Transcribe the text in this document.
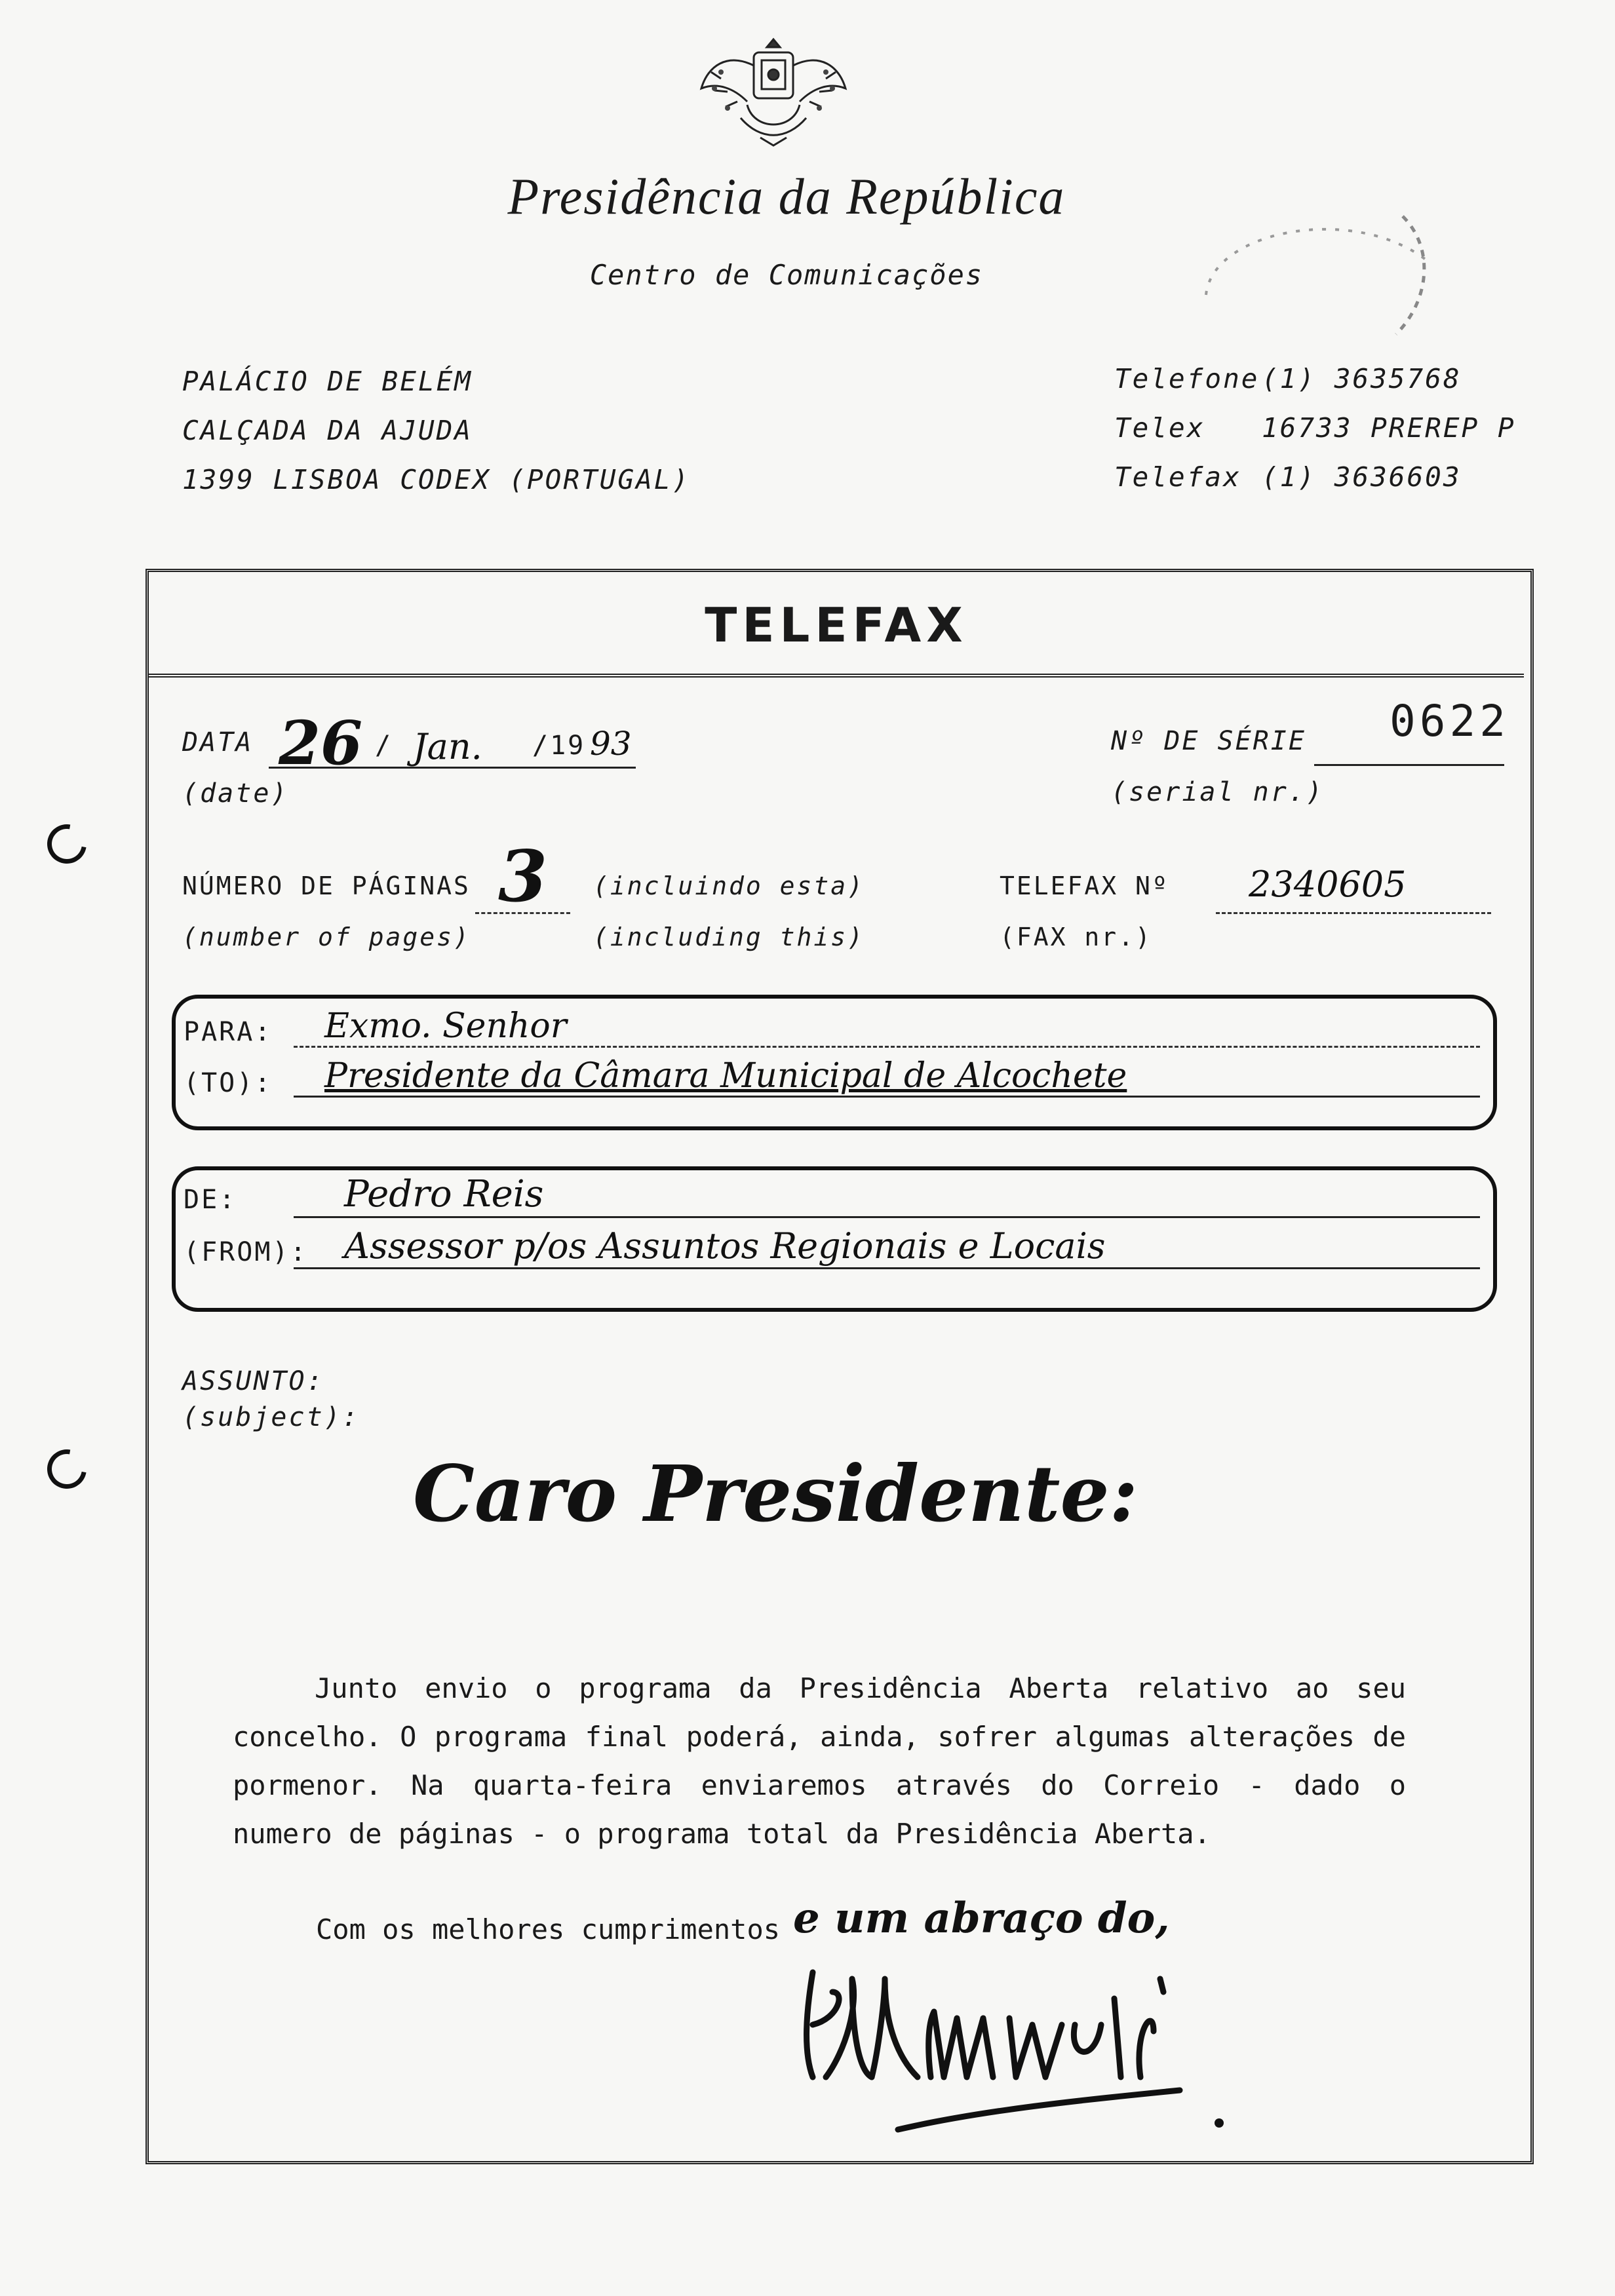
Presidência da República
Centro de Comunicações
PALÁCIO DE BELÉM
CALÇADA DA AJUDA
1399 LISBOA CODEX (PORTUGAL)
Telefone (1) 3635768
Telex 16733 PREREP P
Telefax (1) 3636603
TELEFAX
DATA
(date)
26 / Jan. /19 93	Nº DE SÉRIE
(serial nr.)
0622
NÚMERO DE PÁGINAS
(number of pages)
3 (incluindo esta)
(including this)
TELEFAX Nº
(FAX nr.)
2340605
PARA:
(TO):
Exmo. Senhor
Presidente da Câmara Municipal de Alcochete
DE:
(FROM):
Pedro Reis
Assessor p/os Assuntos Regionais e Locais
ASSUNTO:
(subject):
Caro Presidente:

Junto envio o programa da Presidência Aberta relativo ao seu concelho. O programa final poderá, ainda, sofrer algumas alterações de pormenor. Na quarta-feira enviaremos através do Correio - dado o numero de páginas - o programa total da Presidência Aberta.

Com os melhores cumprimentos e um abraço do,
